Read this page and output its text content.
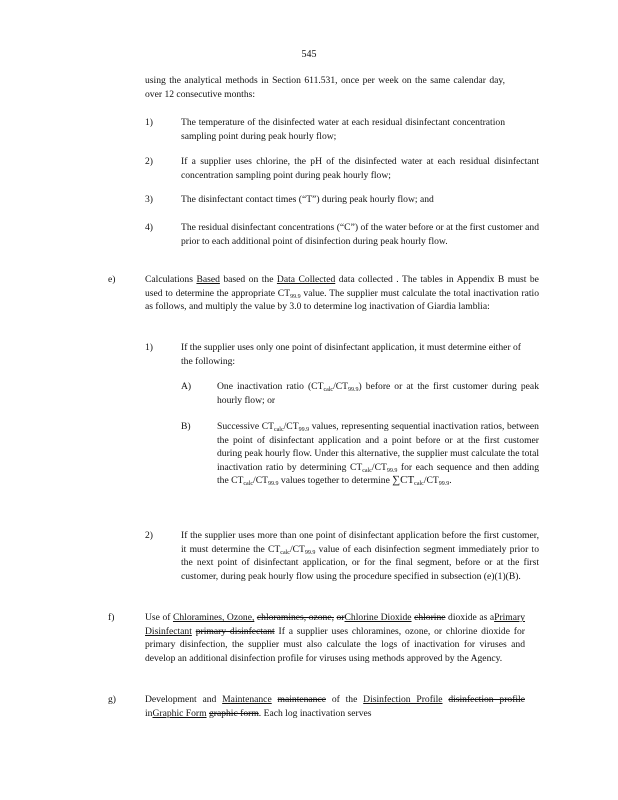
545
using the analytical methods in Section 611.531, once per week on the same calendar day, over 12 consecutive months:
1)	The temperature of the disinfected water at each residual disinfectant concentration sampling point during peak hourly flow;
2)	If a supplier uses chlorine, the pH of the disinfected water at each residual disinfectant concentration sampling point during peak hourly flow;
3)	The disinfectant contact times (“T”) during peak hourly flow; and
4)	The residual disinfectant concentrations (“C”) of the water before or at the first customer and prior to each additional point of disinfection during peak hourly flow.
e)	Calculations Based based on the Data Collected data collected . The tables in Appendix B must be used to determine the appropriate $CT_{99.9}$ value. The supplier must calculate the total inactivation ratio as follows, and multiply the value by 3.0 to determine log inactivation of Giardia lamblia:
1)	If the supplier uses only one point of disinfectant application, it must determine either of the following:
A)	One inactivation ratio $(CT_{calc}/CT_{99.9})$ before or at the first customer during peak hourly flow; or
B)	Successive $CT_{calc}/CT_{99.9}$ values, representing sequential inactivation ratios, between the point of disinfectant application and a point before or at the first customer during peak hourly flow. Under this alternative, the supplier must calculate the total inactivation ratio by determining $CT_{calc}/CT_{99.9}$ for each sequence and then adding the $CT_{calc}/CT_{99.9}$ values together to determine $\sum CT_{calc}/CT_{99.9}$.
2)	If the supplier uses more than one point of disinfectant application before the first customer, it must determine the $CT_{calc}/CT_{99.9}$ value of each disinfection segment immediately prior to the next point of disinfectant application, or for the final segment, before or at the first customer, during peak hourly flow using the procedure specified in subsection (e)(1)(B).
f)	Use of Chloramines, Ozone, chloramines, ozone, orChlorine Dioxide chlorine dioxide as aPrimary Disinfectant primary disinfectant If a supplier uses chloramines, ozone, or chlorine dioxide for primary disinfection, the supplier must also calculate the logs of inactivation for viruses and develop an additional disinfection profile for viruses using methods approved by the Agency.
g)	Development and Maintenance maintenance of the Disinfection Profile disinfection profile inGraphic Form graphic form. Each log inactivation serves
